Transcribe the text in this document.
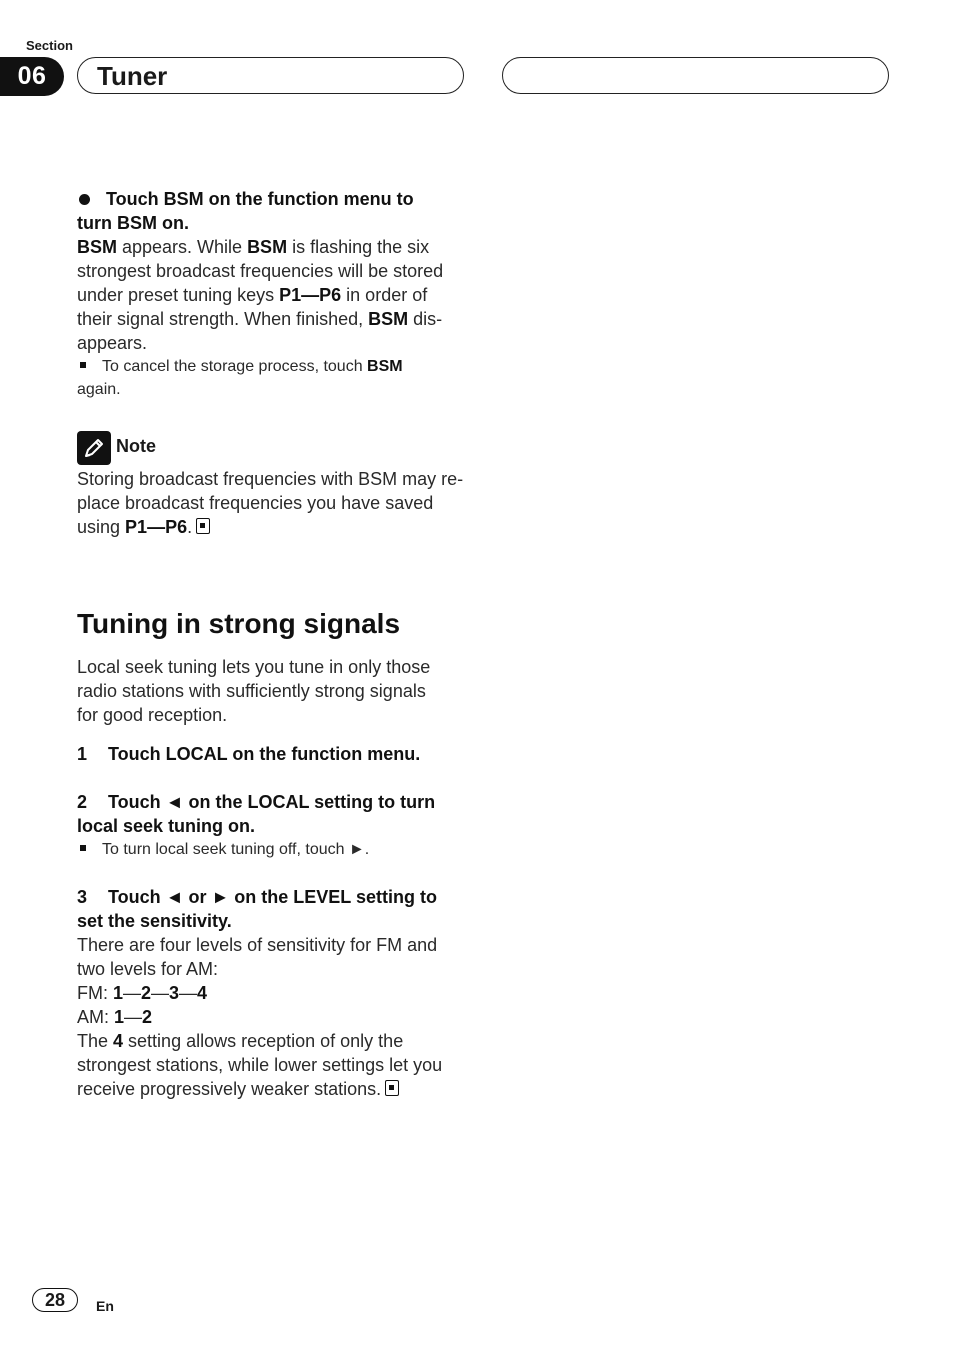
Section
06	Tuner

Touch BSM on the function menu to

turn BSM on.

BSM appears. While BSM is flashing the six

strongest broadcast frequencies will be stored

under preset tuning keys P1—P6 in order of

their signal strength. When finished, BSM dis-

appears.

To cancel the storage process, touch BSM

again.

Note

Storing broadcast frequencies with BSM may re-

place broadcast frequencies you have saved

using P1—P6.

Tuning in strong signals

Local seek tuning lets you tune in only those

radio stations with sufficiently strong signals

for good reception.

1 Touch LOCAL on the function menu.

2 Touch ◄ on the LOCAL setting to turn

local seek tuning on.

To turn local seek tuning off, touch ►.

3 Touch ◄ or ► on the LEVEL setting to

set the sensitivity.

There are four levels of sensitivity for FM and

two levels for AM:

FM: 1—2—3—4

AM: 1—2

The 4 setting allows reception of only the

strongest stations, while lower settings let you

receive progressively weaker stations.

28	En
